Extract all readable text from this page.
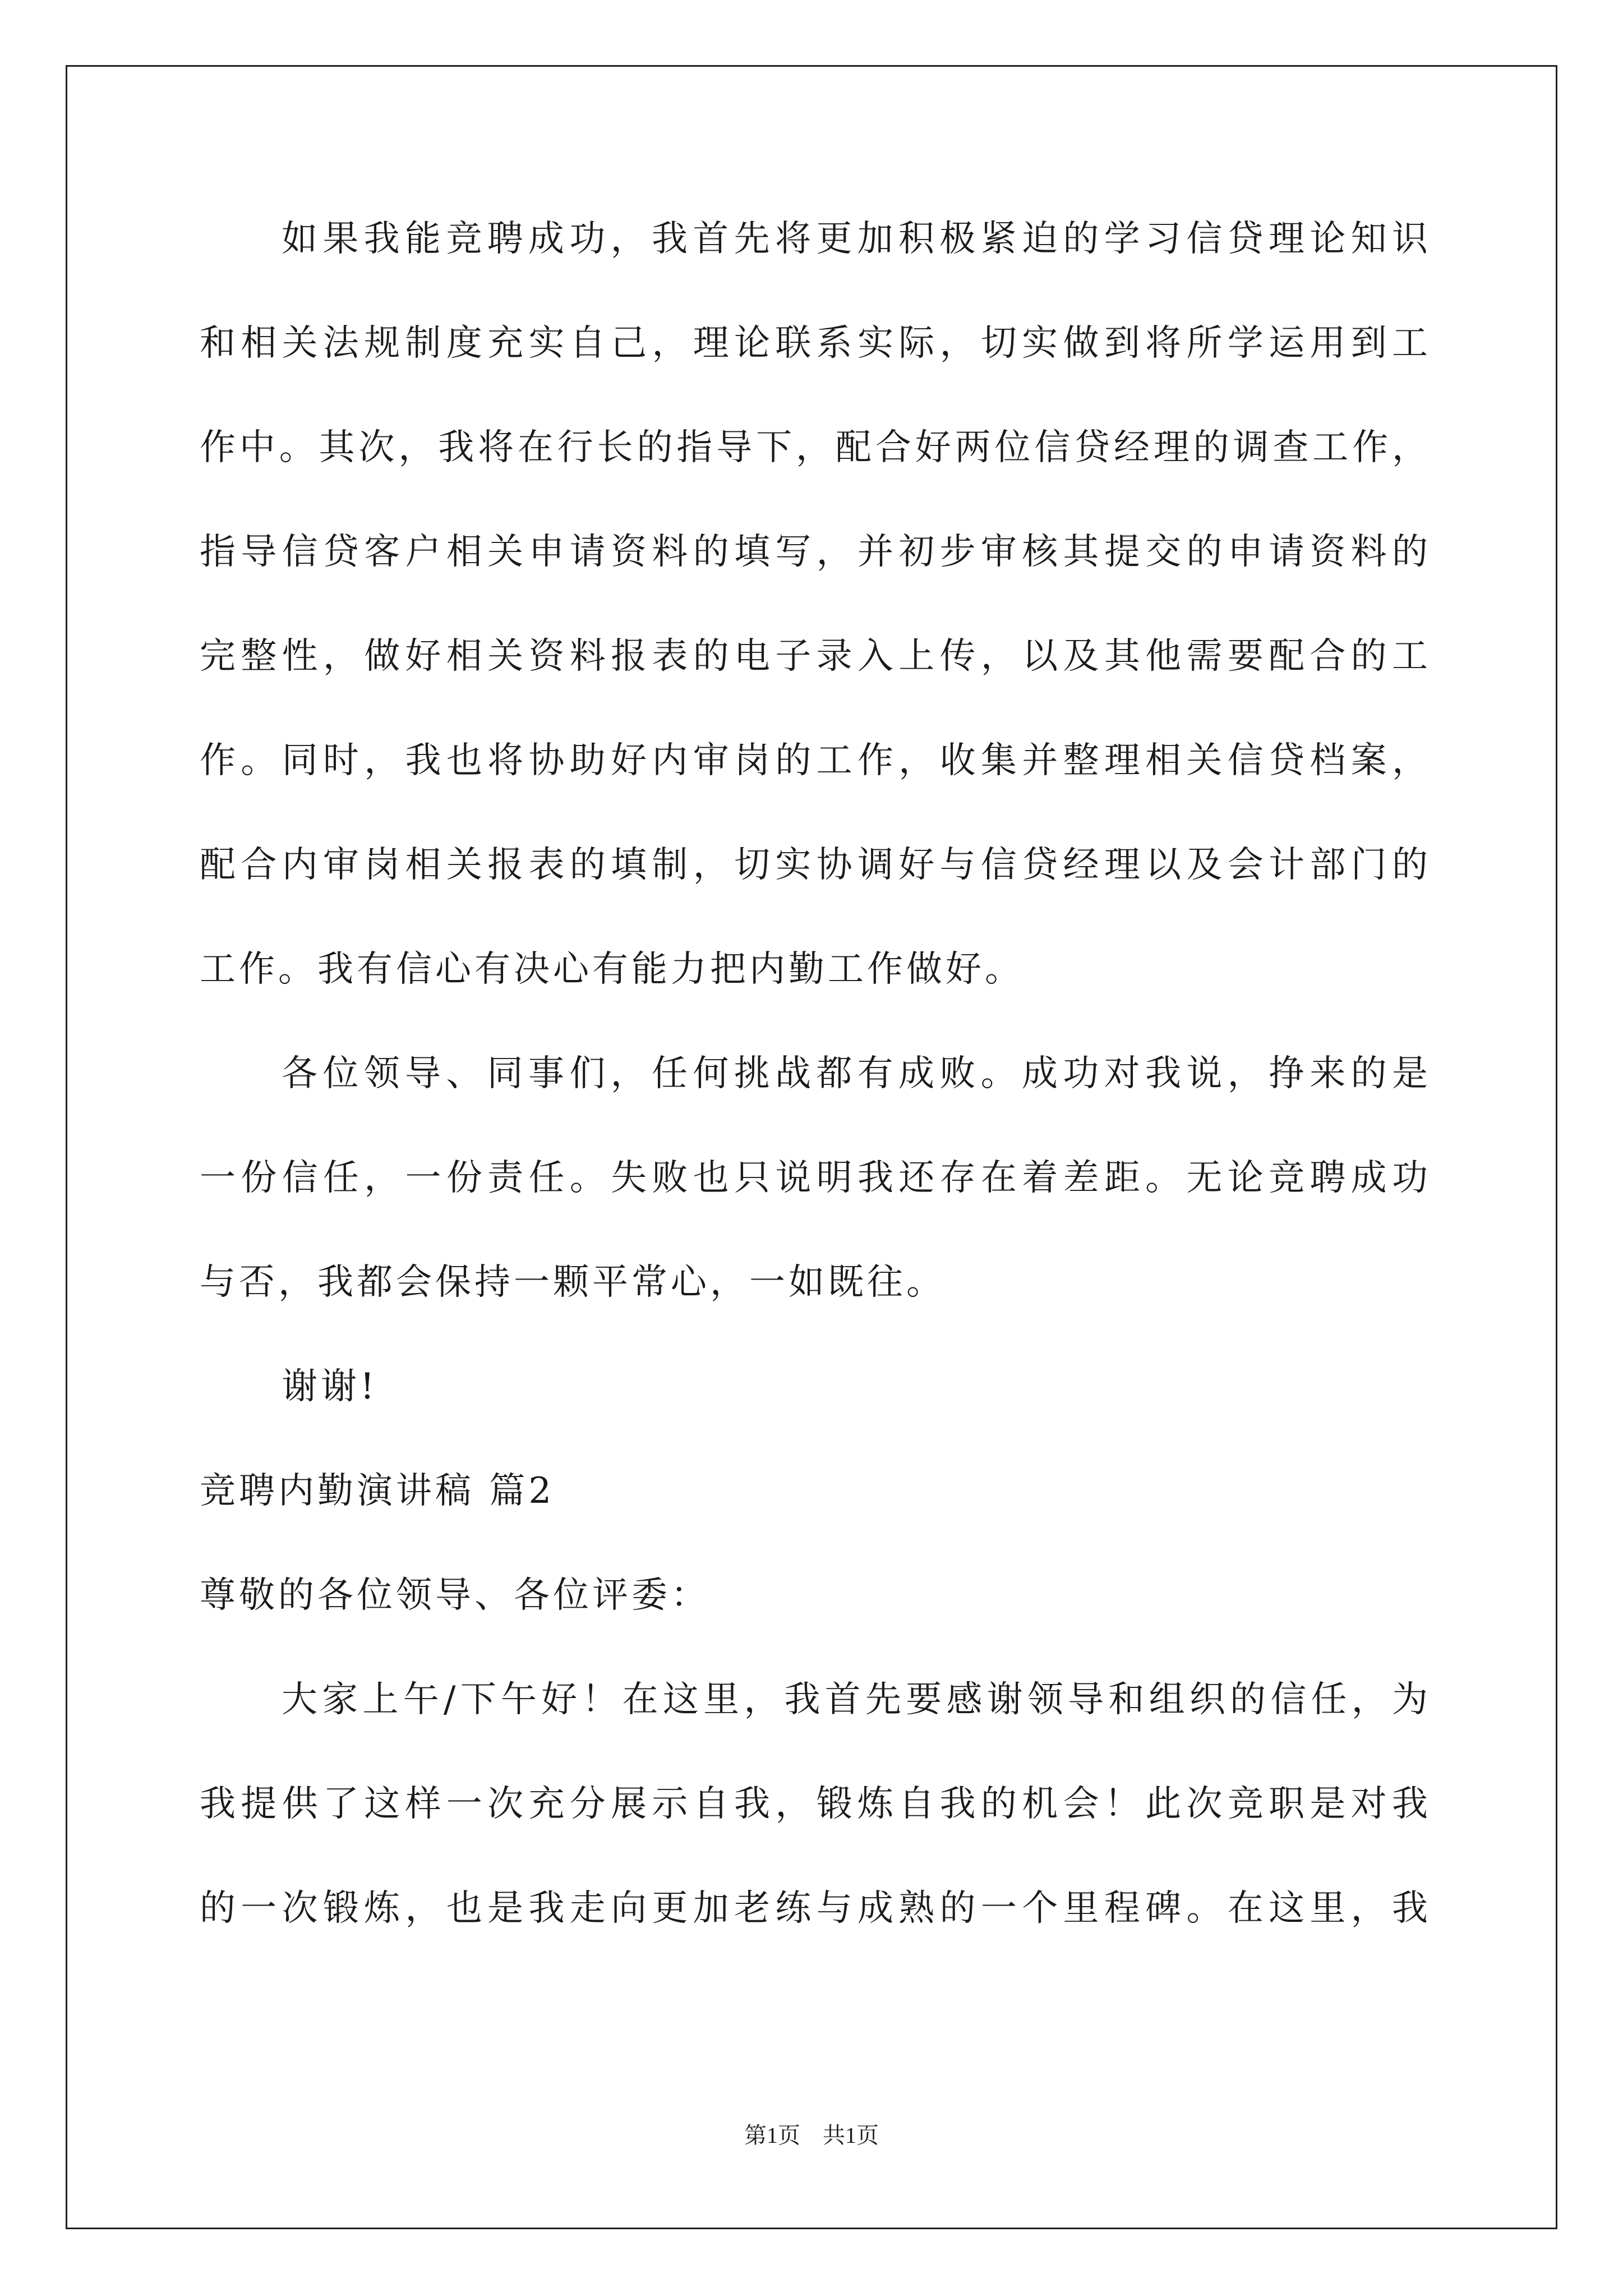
如果我能竞聘成功，我首先将更加积极紧迫的学习信贷理论知识
和相关法规制度充实自己，理论联系实际，切实做到将所学运用到工
作中。其次，我将在行长的指导下，配合好两位信贷经理的调查工作，
指导信贷客户相关申请资料的填写，并初步审核其提交的申请资料的
完整性，做好相关资料报表的电子录入上传，以及其他需要配合的工
作。同时，我也将协助好内审岗的工作，收集并整理相关信贷档案，
配合内审岗相关报表的填制，切实协调好与信贷经理以及会计部门的
工作。我有信心有决心有能力把内勤工作做好。
各位领导、同事们，任何挑战都有成败。成功对我说，挣来的是
一份信任，一份责任。失败也只说明我还存在着差距。无论竞聘成功
与否，我都会保持一颗平常心，一如既往。
谢谢!
竞聘内勤演讲稿 篇2
尊敬的各位领导、各位评委：
大家上午/下午好！在这里，我首先要感谢领导和组织的信任，为
我提供了这样一次充分展示自我，锻炼自我的机会！此次竞职是对我
的一次锻炼，也是我走向更加老练与成熟的一个里程碑。在这里，我
第1页　共1页
